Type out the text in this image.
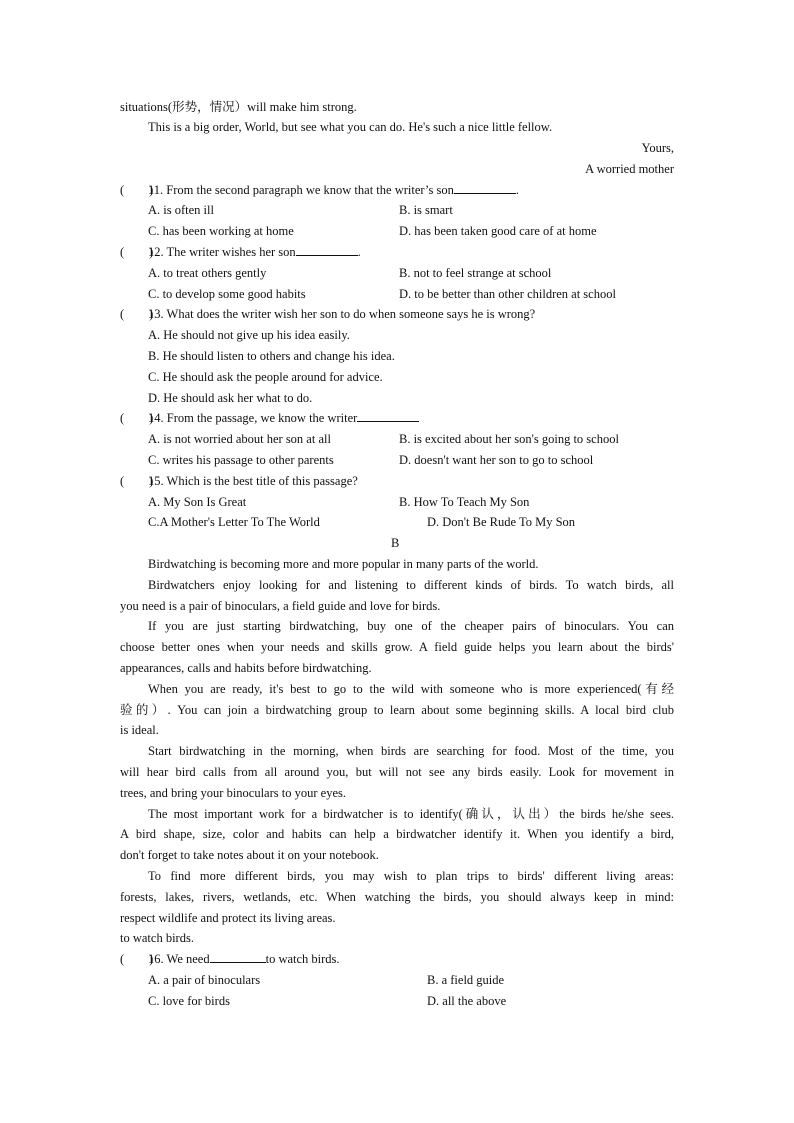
situations(形势，情况）will make him strong.
This is a big order, World, but see what you can do. He's such a nice little fellow.
Yours,
A worried mother
(        )
11. From the second paragraph we know that the writer’s son	.
A. is often ill	B. is smart
C. has been working at home	D. has been taken good care of at home
(        )
12. The writer wishes her son	.
A. to treat others gently	B. not to feel strange at school
C. to develop some good habits	D. to be better than other children at school
(        )
13. What does the writer wish her son to do when someone says he is wrong?
A. He should not give up his idea easily.
B. He should listen to others and change his idea.
C. He should ask the people around for advice.
D. He should ask her what to do.
(        )
14. From the passage, we know the writer
A. is not worried about her son at all	B. is excited about her son's going to school
C. writes his passage to other parents	D. doesn't want her son to go to school
(        )
15. Which is the best title of this passage?
A. My Son Is Great	B. How To Teach My Son
C.A Mother's Letter To The World	D. Don't Be Rude To My Son
B
Birdwatching is becoming more and more popular in many parts of the world.
Birdwatchers enjoy looking for and listening to different kinds of birds. To watch birds, all
you need is a pair of binoculars, a field guide and love for birds.
If you are just starting birdwatching, buy one of the cheaper pairs of binoculars. You can
choose better ones when your needs and skills grow. A field guide helps you learn about the birds'
appearances, calls and habits before birdwatching.
When you are ready, it's best to go to the wild with someone who is more experienced(有经
验的）. You can join a birdwatching group to learn about some beginning skills. A local bird club
is ideal.
Start birdwatching in the morning, when birds are searching for food. Most of the time, you
will hear bird calls from all around you, but will not see any birds easily. Look for movement in
trees, and bring your binoculars to your eyes.
The most important work for a birdwatcher is to identify(确认，认出）the birds he/she sees.
A bird shape, size, color and habits can help a birdwatcher identify it. When you identify a bird,
don't forget to take notes about it on your notebook.
To find more different birds, you may wish to plan trips to birds' different living areas:
forests, lakes, rivers, wetlands, etc. When watching the birds, you should always keep in mind:
respect wildlife and protect its living areas.
to watch birds.
(        )
16. We need	to watch birds.
A. a pair of binoculars	B. a field guide
C. love for birds	D. all the above
